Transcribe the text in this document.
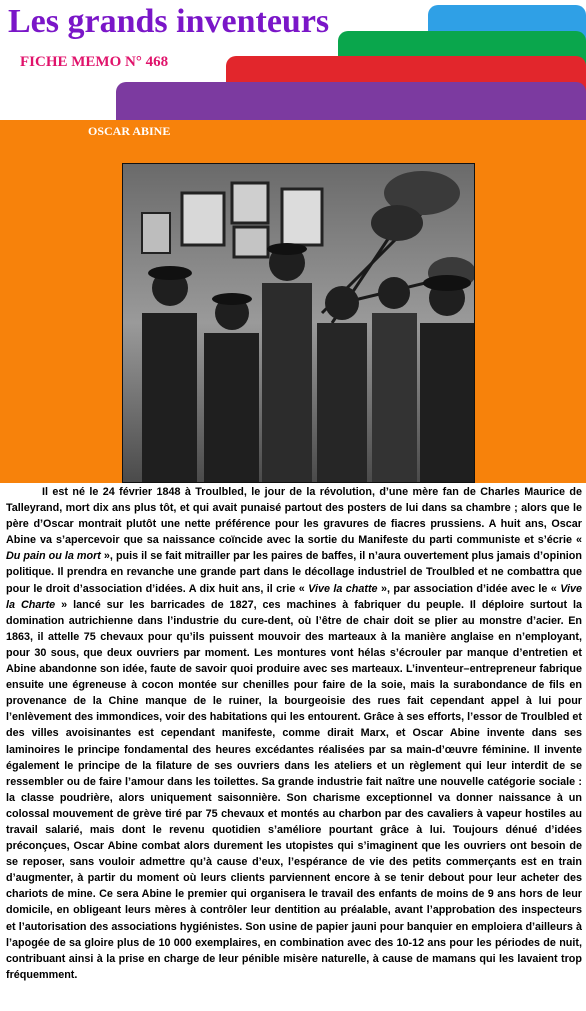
Les grands inventeurs
FICHE MEMO N° 468
OSCAR ABINE

Il est né le 24 février 1848 à Troulbled, le jour de la révolution, d’une mère fan de Charles Maurice de Talleyrand, mort dix ans plus tôt, et qui avait punaisé partout des posters de lui dans sa chambre ; alors que le père d’Oscar montrait plutôt une nette préférence pour les gravures de fiacres prussiens. A huit ans, Oscar Abine va s’apercevoir que sa naissance coïncide avec la sortie du Manifeste du parti communiste et s’écrie « Du pain ou la mort », puis il se fait mitrailler par les paires de baffes, il n’aura ouvertement plus jamais d’opinion politique. Il prendra en revanche une grande part dans le décollage industriel de Troulbled et ne combattra que pour le droit d’association d’idées. A dix huit ans, il crie « Vive la chatte », par association d’idée avec le « Vive la Charte » lancé sur les barricades de 1827, ces machines à fabriquer du peuple. Il déploire surtout la domination autrichienne dans l’industrie du cure-dent, où l’être de chair doit se plier au monstre d’acier. En 1863, il attelle 75 chevaux pour qu’ils puissent mouvoir des marteaux à la manière anglaise en n’employant, pour 30 sous, que deux ouvriers par moment. Les montures vont hélas s’écrouler par manque d’entretien et Abine abandonne son idée, faute de savoir quoi produire avec ses marteaux. L’inventeur–entrepreneur fabrique ensuite une égreneuse à cocon montée sur chenilles pour faire de la soie, mais la surabondance de fils en provenance de la Chine manque de le ruiner, la bourgeoisie des rues fait cependant appel à lui pour l’enlèvement des immondices, voir des habitations qui les entourent. Grâce à ses efforts, l’essor de Troulbled et des villes avoisinantes est cependant manifeste, comme dirait Marx, et Oscar Abine invente dans ses laminoires le principe fondamental des heures excédantes réalisées par sa main-d’œuvre féminine. Il invente également le principe de la filature de ses ouvriers dans les ateliers et un règlement qui leur interdit de se ressembler ou de faire l’amour dans les toilettes. Sa grande industrie fait naître une nouvelle catégorie sociale : la classe poudrière, alors uniquement saisonnière. Son charisme exceptionnel va donner naissance à un colossal mouvement de grève tiré par 75 chevaux et montés au charbon par des cavaliers à vapeur hostiles au travail salarié, mais dont le revenu quotidien s’améliore pourtant grâce à lui. Toujours dénué d’idées préconçues, Oscar Abine combat alors durement les utopistes qui s’imaginent que les ouvriers ont besoin de se reposer, sans vouloir admettre qu’à cause d’eux, l’espérance de vie des petits commerçants est en train d’augmenter, à partir du moment où leurs clients parviennent encore à se tenir debout pour leur acheter des chariots de mine. Ce sera Abine le premier qui organisera le travail des enfants de moins de 9 ans hors de leur domicile, en obligeant leurs mères à contrôler leur dentition au préalable, avant l’approbation des inspecteurs et l’autorisation des associations hygiénistes. Son usine de papier jauni pour banquier en emploiera d’ailleurs à l’apogée de sa gloire plus de 10 000 exemplaires, en combination avec des 10-12 ans pour les périodes de nuit, contribuant ainsi à la prise en charge de leur pénible misère naturelle, à cause de mamans qui les lavaient trop fréquemment.
